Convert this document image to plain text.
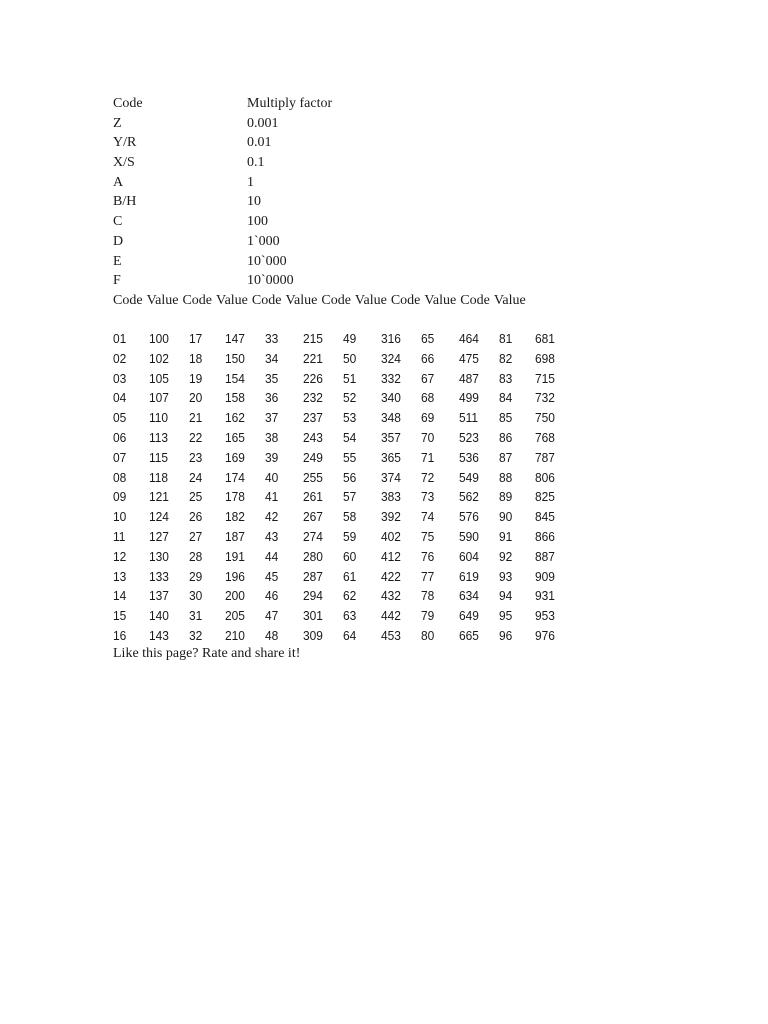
Code	Multiply factor
Z	0.001
Y/R	0.01
X/S	0.1
A	1
B/H	10
C	100
D	1`000
E	10`000
F	10`0000
Code Value Code Value Code Value Code Value Code Value Code Value
01 100 17 147 33 215 49 316 65 464 81 681
02 102 18 150 34 221 50 324 66 475 82 698
03 105 19 154 35 226 51 332 67 487 83 715
04 107 20 158 36 232 52 340 68 499 84 732
05 110 21 162 37 237 53 348 69 511 85 750
06 113 22 165 38 243 54 357 70 523 86 768
07 115 23 169 39 249 55 365 71 536 87 787
08 118 24 174 40 255 56 374 72 549 88 806
09 121 25 178 41 261 57 383 73 562 89 825
10 124 26 182 42 267 58 392 74 576 90 845
11 127 27 187 43 274 59 402 75 590 91 866
12 130 28 191 44 280 60 412 76 604 92 887
13 133 29 196 45 287 61 422 77 619 93 909
14 137 30 200 46 294 62 432 78 634 94 931
15 140 31 205 47 301 63 442 79 649 95 953
16 143 32 210 48 309 64 453 80 665 96 976
Like this page? Rate and share it!
